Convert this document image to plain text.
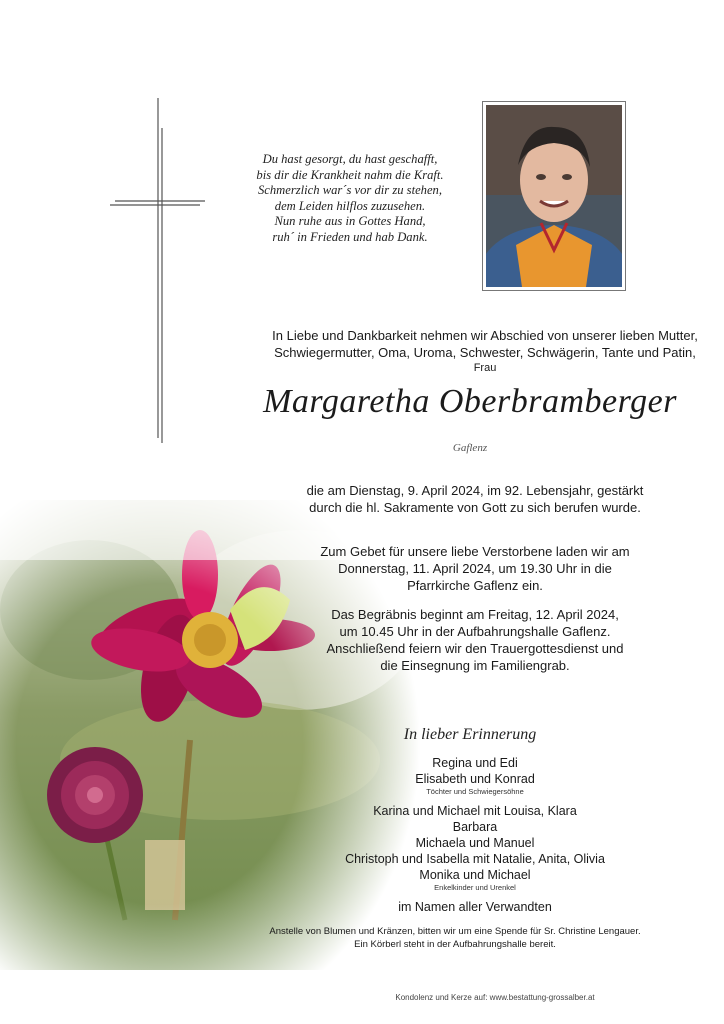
Du hast gesorgt, du hast geschafft,
bis dir die Krankheit nahm die Kraft.
Schmerzlich war´s vor dir zu stehen,
dem Leiden hilflos zuzusehen.
Nun ruhe aus in Gottes Hand,
ruh´ in Frieden und hab Dank.
In Liebe und Dankbarkeit nehmen wir Abschied von unserer lieben Mutter,
Schwiegermutter, Oma, Uroma, Schwester, Schwägerin, Tante und Patin,
Frau
Margaretha Oberbramberger
Gaflenz
die am Dienstag, 9. April 2024, im 92. Lebensjahr, gestärkt
durch die hl. Sakramente von Gott zu sich berufen wurde.
Zum Gebet für unsere liebe Verstorbene laden wir am
Donnerstag, 11. April 2024, um 19.30 Uhr in die
Pfarrkirche Gaflenz ein.
Das Begräbnis beginnt am Freitag, 12. April 2024,
um 10.45 Uhr in der Aufbahrungshalle Gaflenz.
Anschließend feiern wir den Trauergottesdienst und
die Einsegnung im Familiengrab.
In lieber Erinnerung
Regina und Edi
Elisabeth und Konrad
Töchter und Schwiegersöhne
Karina und Michael mit Louisa, Klara
Barbara
Michaela und Manuel
Christoph und Isabella mit Natalie, Anita, Olivia
Monika und Michael
Enkelkinder und Urenkel
im Namen aller Verwandten
Anstelle von Blumen und Kränzen, bitten wir um eine Spende für Sr. Christine Lengauer.
Ein Körberl steht in der Aufbahrungshalle bereit.
Kondolenz und Kerze auf: www.bestattung-grossalber.at
